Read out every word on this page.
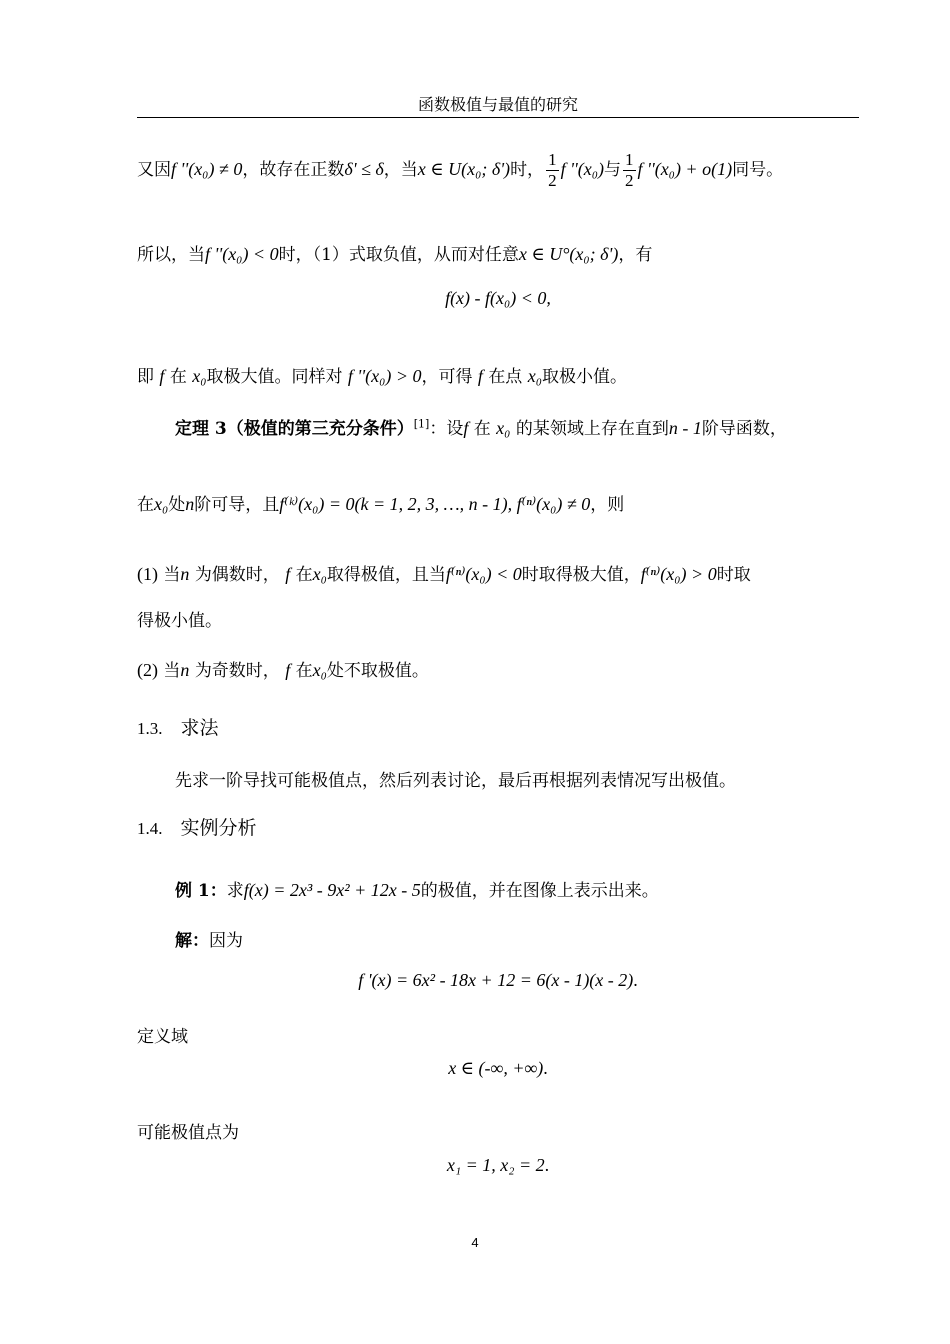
函数极值与最值的研究
又因f ''(x₀) ≠ 0，故存在正数δ' ≤ δ，当x ∈ U(x₀; δ')时， $\frac{1}{2}$ f ''(x₀)与 $\frac{1}{2}$ f ''(x₀) + o(1)同号。
所以，当f ''(x₀) < 0时，（1）式取负值，从而对任意x ∈ U°(x₀; δ')，有
f(x) - f(x₀) < 0,
即 f 在 x₀取极大值。同样对 f ''(x₀) > 0，可得 f 在点 x₀取极小值。
定理 3（极值的第三充分条件）[1]：设f 在 x₀ 的某领域上存在直到n - 1阶导函数，
在x₀处n阶可导，且f⁽ᵏ⁾(x₀) = 0(k = 1, 2, 3, …, n - 1), f⁽ⁿ⁾(x₀) ≠ 0，则
(1) 当n 为偶数时， f 在x₀取得极值，且当f⁽ⁿ⁾(x₀) < 0时取得极大值，f⁽ⁿ⁾(x₀) > 0时取
得极小值。
(2) 当n 为奇数时， f 在x₀处不取极值。
1.3. 求法
先求一阶导找可能极值点，然后列表讨论，最后再根据列表情况写出极值。
1.4. 实例分析
例 1：求f(x) = 2x³ - 9x² + 12x - 5的极值，并在图像上表示出来。
解：因为
f '(x) = 6x² - 18x + 12 = 6(x - 1)(x - 2).
定义域
x ∈ (-∞, +∞).
可能极值点为
x₁ = 1, x₂ = 2.
4
